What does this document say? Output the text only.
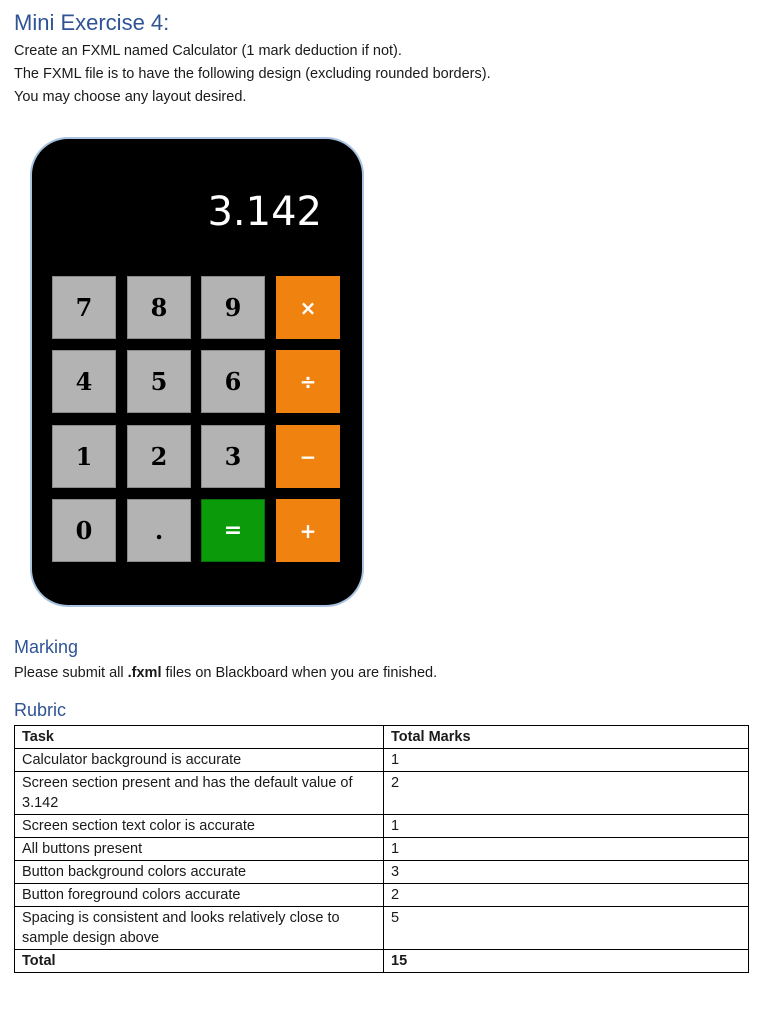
Mini Exercise 4:
Create an FXML named Calculator (1 mark deduction if not).
The FXML file is to have the following design (excluding rounded borders).
You may choose any layout desired.
3.142
7	8	9	×
4	5	6	÷
1	2	3	−
0	.	=	+
Marking
Please submit all .fxml files on Blackboard when you are finished.
Rubric
Task	Total Marks
Calculator background is accurate	1
Screen section present and has the default value of 3.142	2
Screen section text color is accurate	1
All buttons present	1
Button background colors accurate	3
Button foreground colors accurate	2
Spacing is consistent and looks relatively close to sample design above	5
Total	15
